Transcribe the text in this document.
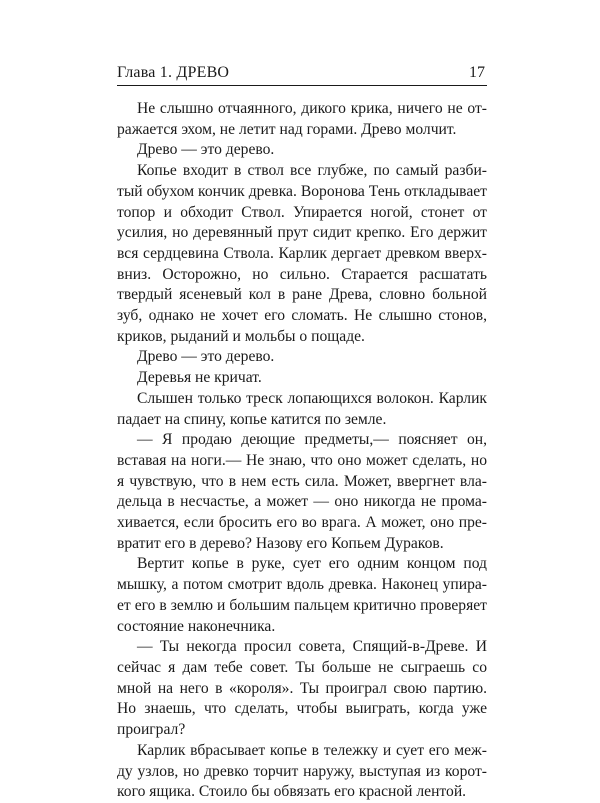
Глава 1. ДРЕВО	17

Не слышно отчаянного, дикого крика, ничего не отражается эхом, не летит над горами. Древо молчит.

Древо — это дерево.

Копье входит в ствол все глубже, по самый разбитый обухом кончик древка. Воронова Тень откладывает топор и обходит Ствол. Упирается ногой, стонет от усилия, но деревянный прут сидит крепко. Его держит вся сердцевина Ствола. Карлик дергает древком вверхвниз. Осторожно, но сильно. Старается расшатать твердый ясеневый кол в ране Древа, словно больной зуб, однако не хочет его сломать. Не слышно стонов, криков, рыданий и мольбы о пощаде.

Древо — это дерево.

Деревья не кричат.

Слышен только треск лопающихся волокон. Карлик падает на спину, копье катится по земле.

— Я продаю деющие предметы,— поясняет он, вставая на ноги.— Не знаю, что оно может сделать, но я чувствую, что в нем есть сила. Может, ввергнет владельца в несчастье, а может — оно никогда не промахивается, если бросить его во врага. А может, оно превратит его в дерево? Назову его Копьем Дураков.

Вертит копье в руке, сует его одним концом под мышку, а потом смотрит вдоль древка. Наконец упирает его в землю и большим пальцем критично проверяет состояние наконечника.

— Ты некогда просил совета, Спящий-в-Древе. И сейчас я дам тебе совет. Ты больше не сыграешь со мной на него в «короля». Ты проиграл свою партию. Но знаешь, что сделать, чтобы выиграть, когда уже проиграл?

Карлик вбрасывает копье в тележку и сует его между узлов, но древко торчит наружу, выступая из короткого ящика. Стоило бы обвязать его красной лентой.
